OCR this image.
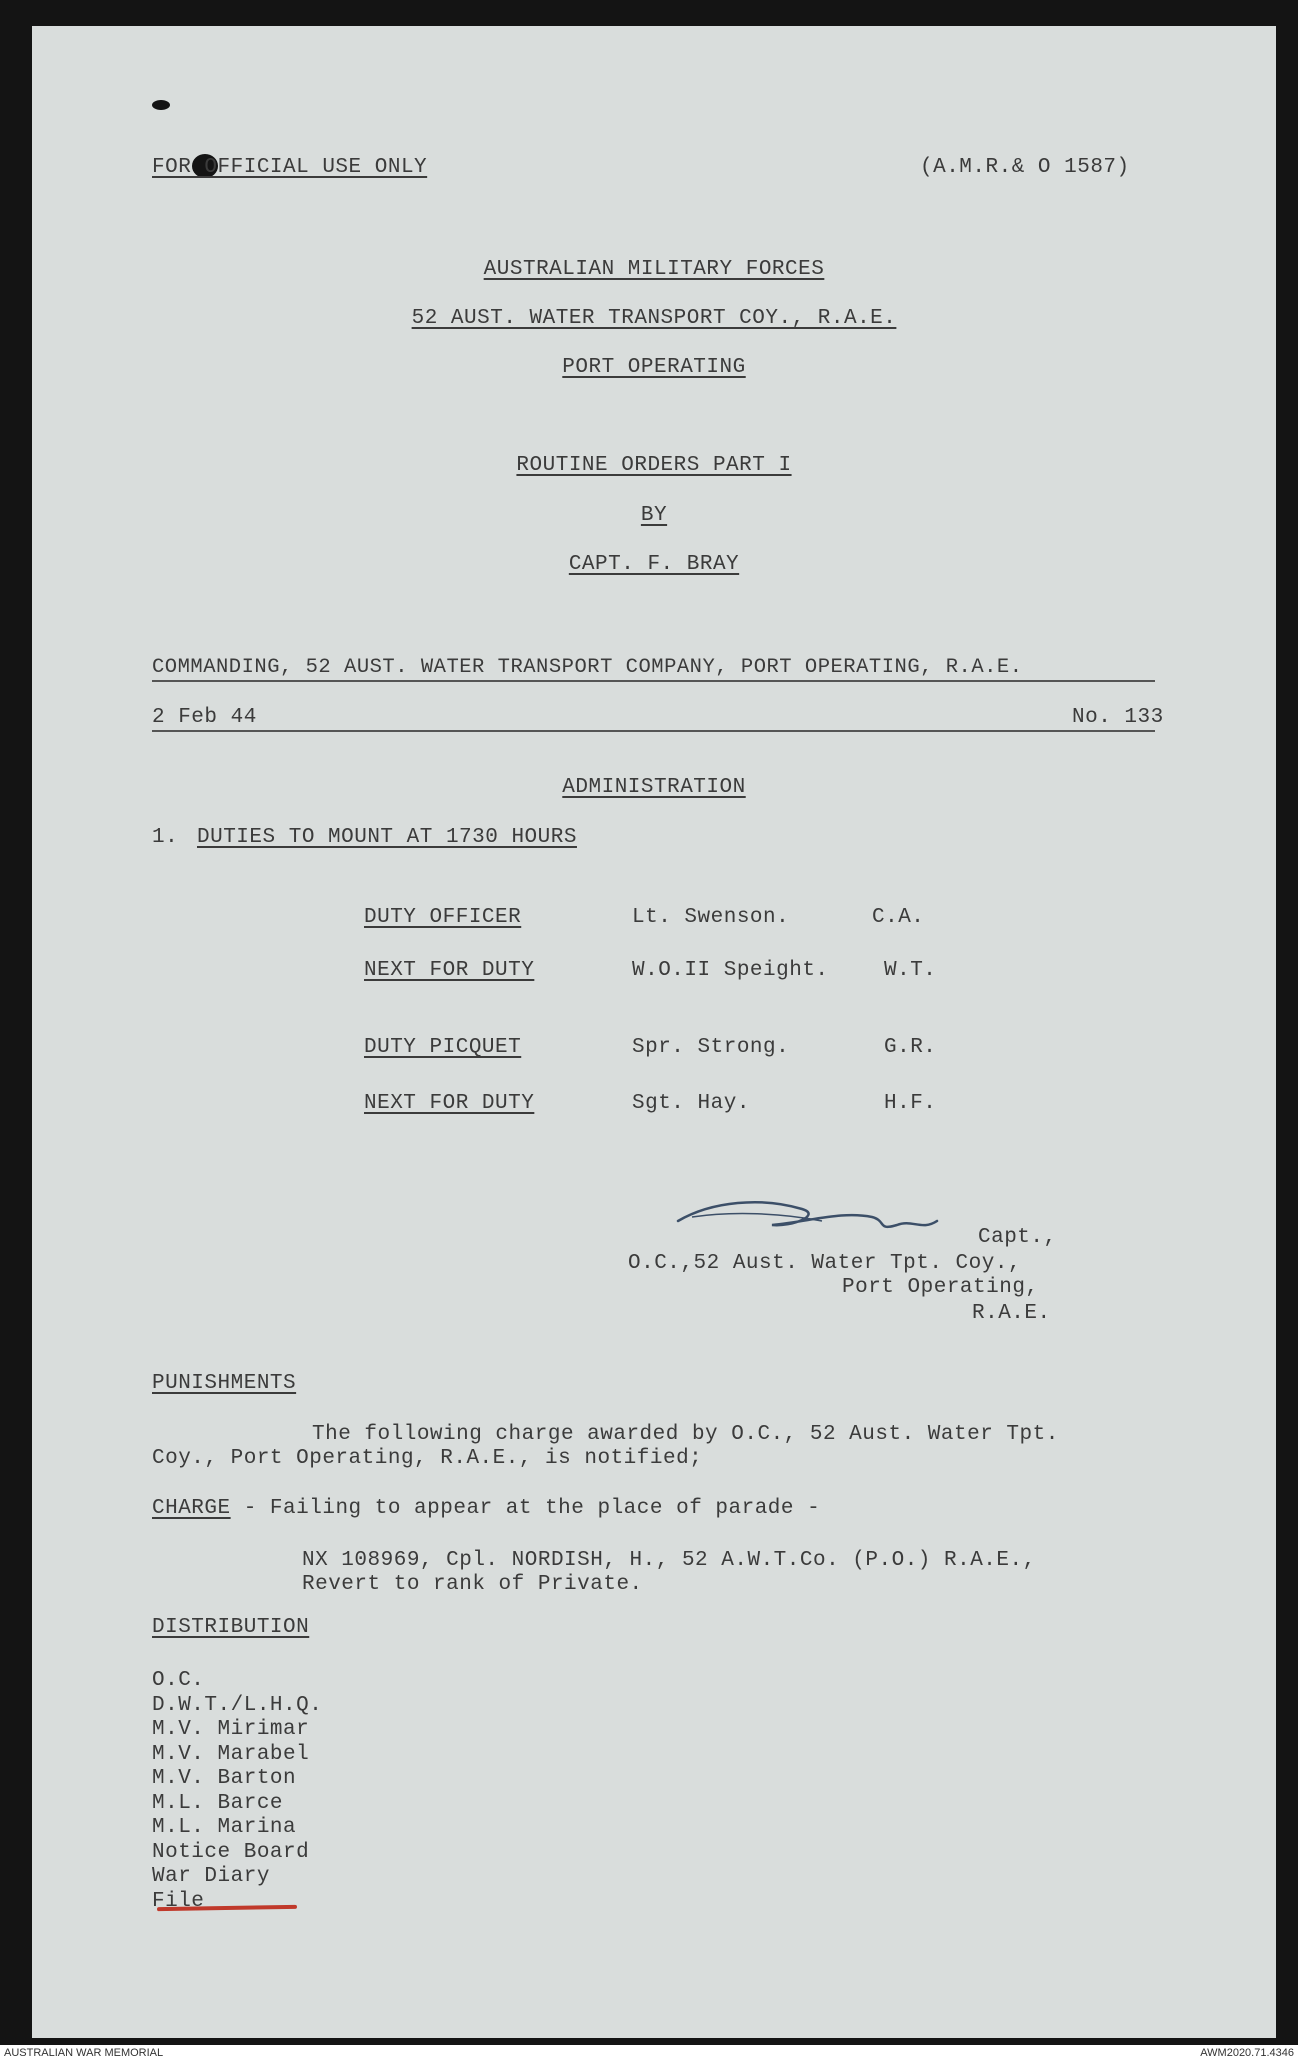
FOR OFFICIAL USE ONLY	(A.M.R.& O 1587)
AUSTRALIAN MILITARY FORCES
52 AUST. WATER TRANSPORT COY., R.A.E.
PORT OPERATING
ROUTINE ORDERS PART I
BY
CAPT. F. BRAY
COMMANDING, 52 AUST. WATER TRANSPORT COMPANY, PORT OPERATING, R.A.E.
2 Feb 44	No. 133
ADMINISTRATION
1. DUTIES TO MOUNT AT 1730 HOURS
DUTY OFFICER	Lt. Swenson.	C.A.
NEXT FOR DUTY	W.O.II Speight.	W.T.
DUTY PICQUET	Spr. Strong.	G.R.
NEXT FOR DUTY	Sgt. Hay.	H.F.
Capt.,
O.C.,52 Aust. Water Tpt. Coy.,
Port Operating,
R.A.E.
PUNISHMENTS
The following charge awarded by O.C., 52 Aust. Water Tpt.
Coy., Port Operating, R.A.E., is notified;
CHARGE - Failing to appear at the place of parade -
NX 108969, Cpl. NORDISH, H., 52 A.W.T.Co. (P.O.) R.A.E.,
Revert to rank of Private.
DISTRIBUTION
O.C.
D.W.T./L.H.Q.
M.V. Mirimar
M.V. Marabel
M.V. Barton
M.L. Barce
M.L. Marina
Notice Board
War Diary
File
AUSTRALIAN WAR MEMORIAL	AWM2020.71.4346
